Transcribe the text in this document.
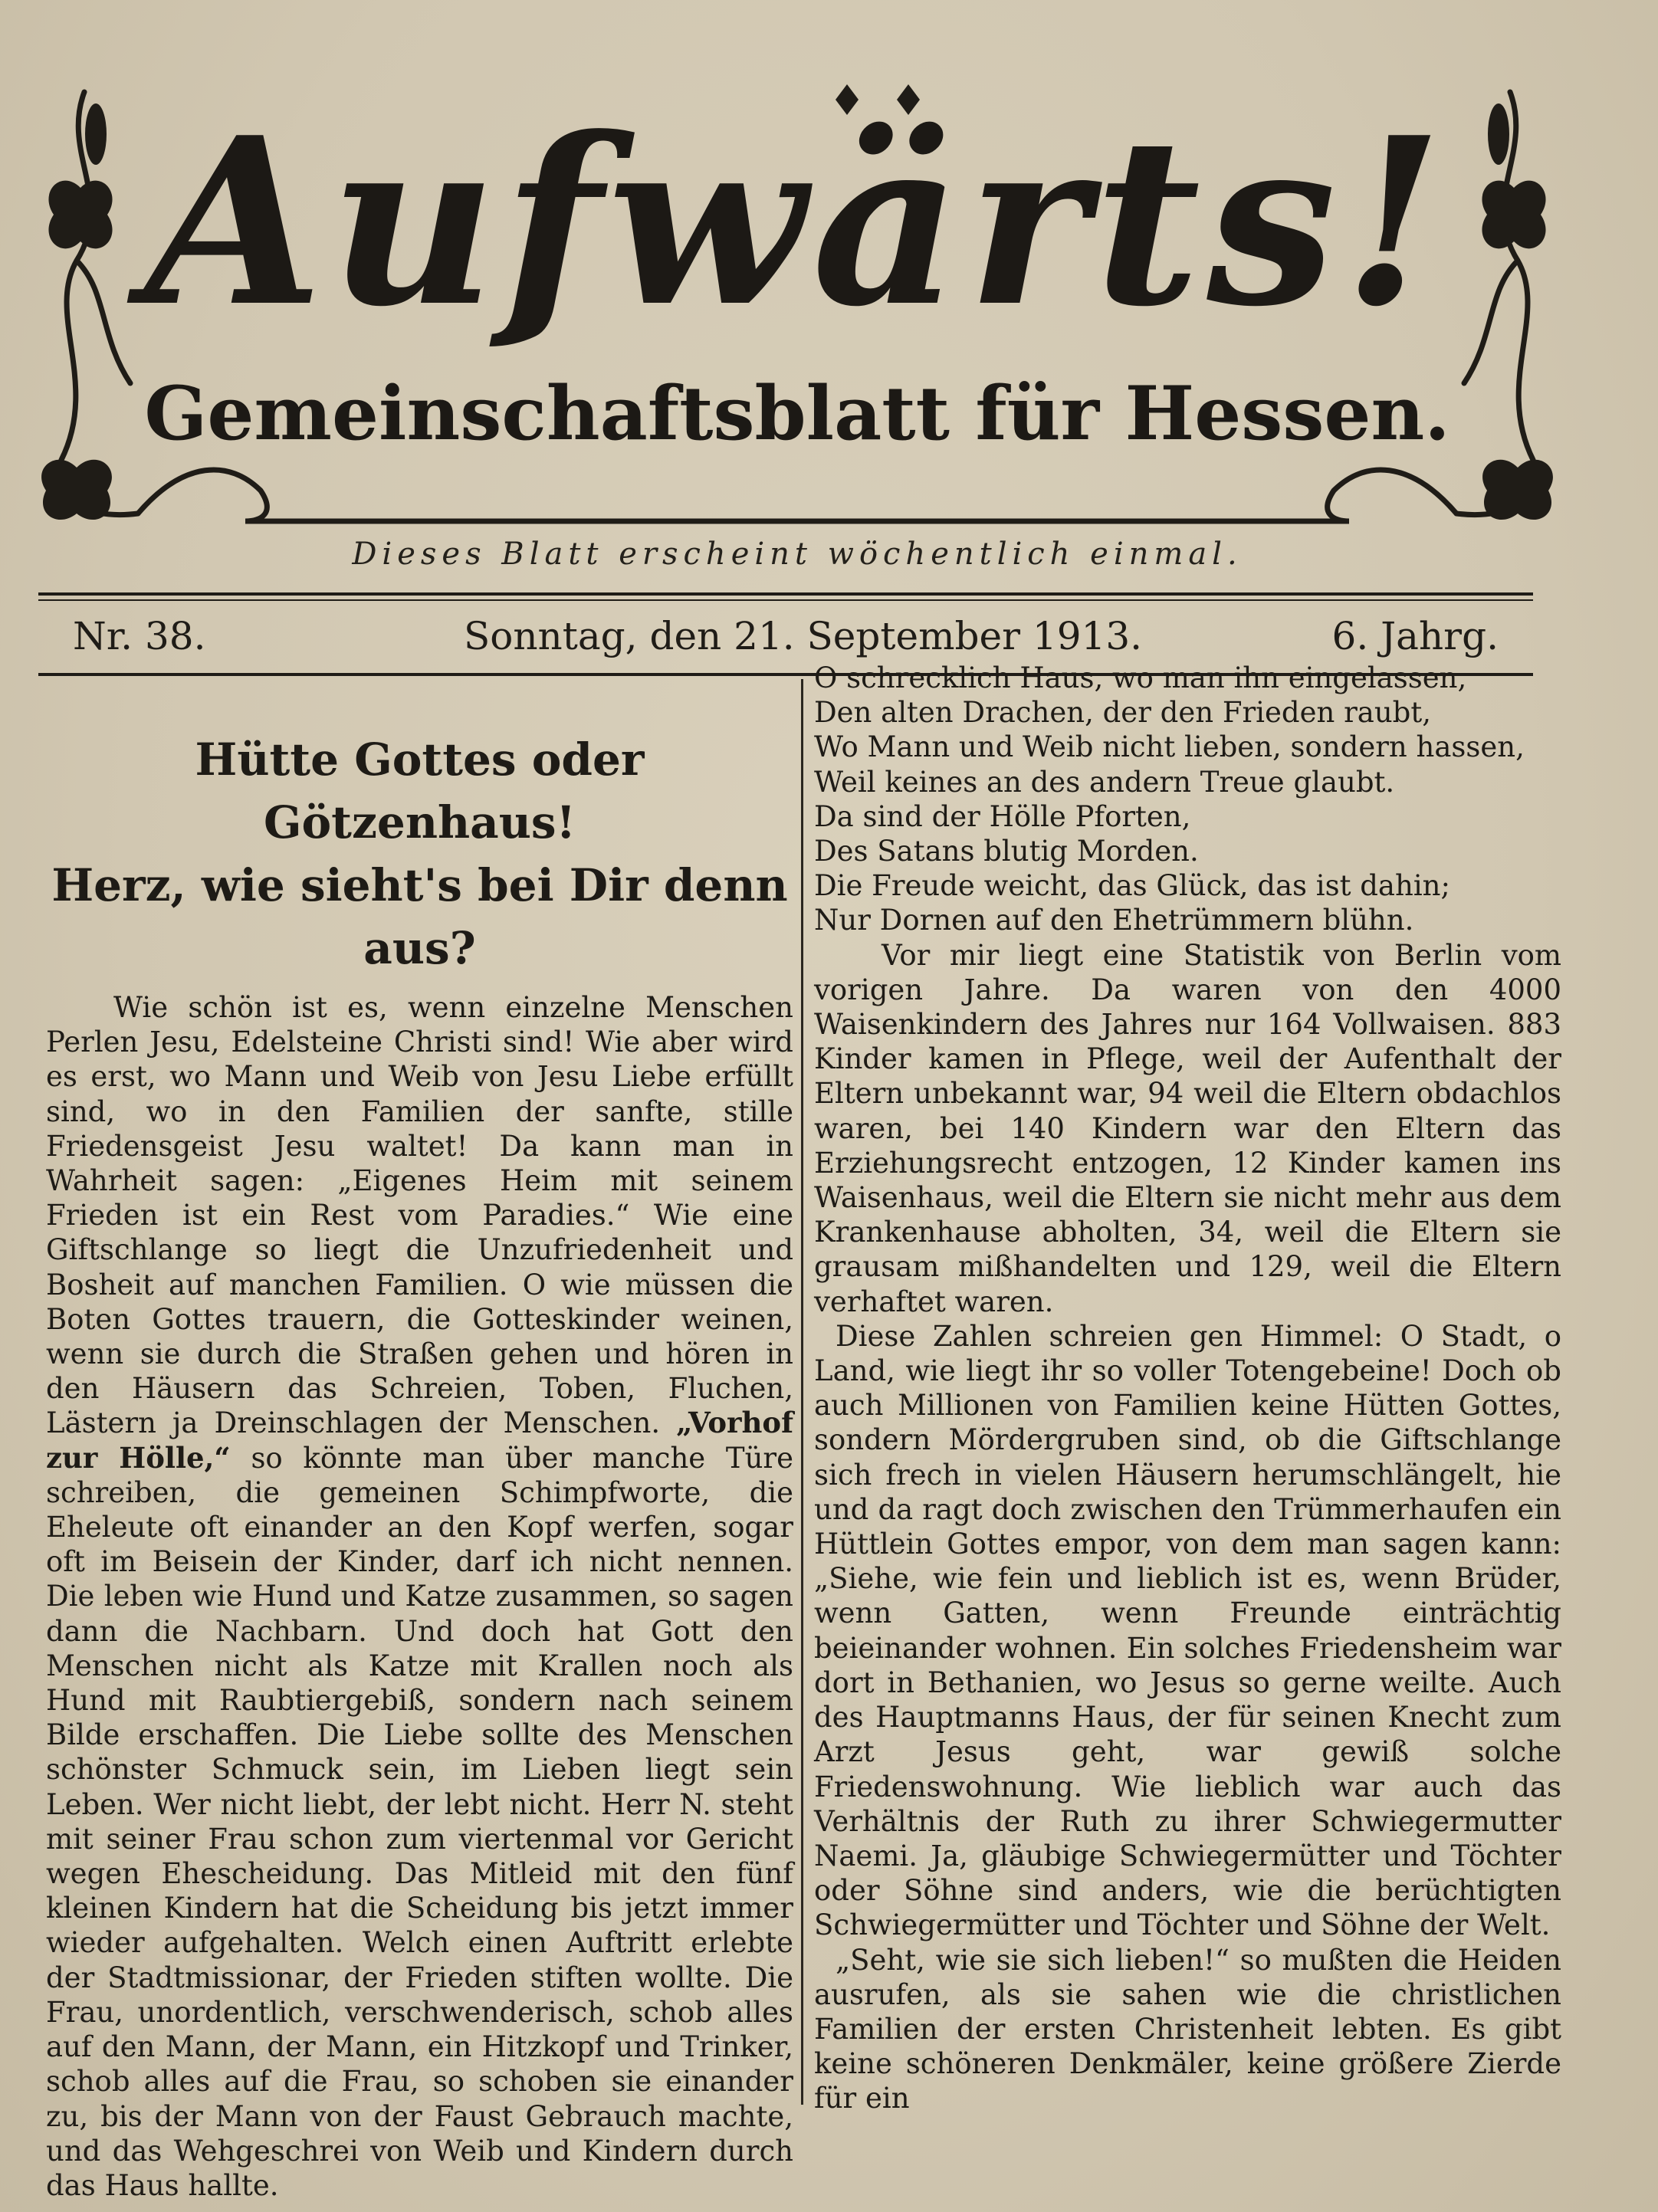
Aufwärts!
Gemeinschaftsblatt für Hessen.
Dieses Blatt erscheint wöchentlich einmal.
Nr. 38.	Sonntag, den 21. September 1913.	6. Jahrg.

Hütte Gottes oder Götzenhaus!

Herz, wie sieht's bei Dir denn aus?

Wie schön ist es, wenn einzelne Menschen Perlen Jesu, Edelsteine Christi sind! Wie aber wird es erst, wo Mann und Weib von Jesu Liebe erfüllt sind, wo in den Familien der sanfte, stille Friedensgeist Jesu waltet! Da kann man in Wahrheit sagen: „Eigenes Heim mit seinem Frieden ist ein Rest vom Paradies.“ Wie eine Giftschlange so liegt die Unzufriedenheit und Bosheit auf manchen Familien. O wie müssen die Boten Gottes trauern, die Gotteskinder weinen, wenn sie durch die Straßen gehen und hören in den Häusern das Schreien, Toben, Fluchen, Lästern ja Dreinschlagen der Menschen. „Vorhof zur Hölle,“ so könnte man über manche Türe schreiben, die gemeinen Schimpfworte, die Eheleute oft einander an den Kopf werfen, sogar oft im Beisein der Kinder, darf ich nicht nennen. Die leben wie Hund und Katze zusammen, so sagen dann die Nachbarn. Und doch hat Gott den Menschen nicht als Katze mit Krallen noch als Hund mit Raubtiergebiß, sondern nach seinem Bilde erschaffen. Die Liebe sollte des Menschen schönster Schmuck sein, im Lieben liegt sein Leben. Wer nicht liebt, der lebt nicht. Herr N. steht mit seiner Frau schon zum viertenmal vor Gericht wegen Ehescheidung. Das Mitleid mit den fünf kleinen Kindern hat die Scheidung bis jetzt immer wieder aufgehalten. Welch einen Auftritt erlebte der Stadtmissionar, der Frieden stiften wollte. Die Frau, unordentlich, verschwenderisch, schob alles auf den Mann, der Mann, ein Hitzkopf und Trinker, schob alles auf die Frau, so schoben sie einander zu, bis der Mann von der Faust Gebrauch machte, und das Wehgeschrei von Weib und Kindern durch das Haus hallte.

O schrecklich Haus, wo man ihn eingelassen,

Den alten Drachen, der den Frieden raubt,

Wo Mann und Weib nicht lieben, sondern hassen,

Weil keines an des andern Treue glaubt.

Da sind der Hölle Pforten,

Des Satans blutig Morden.

Die Freude weicht, das Glück, das ist dahin;

Nur Dornen auf den Ehetrümmern blühn.

Vor mir liegt eine Statistik von Berlin vom vorigen Jahre. Da waren von den 4000 Waisenkindern des Jahres nur 164 Vollwaisen. 883 Kinder kamen in Pflege, weil der Aufenthalt der Eltern unbekannt war, 94 weil die Eltern obdachlos waren, bei 140 Kindern war den Eltern das Erziehungsrecht entzogen, 12 Kinder kamen ins Waisenhaus, weil die Eltern sie nicht mehr aus dem Krankenhause abholten, 34, weil die Eltern sie grausam mißhandelten und 129, weil die Eltern verhaftet waren.

Diese Zahlen schreien gen Himmel: O Stadt, o Land, wie liegt ihr so voller Totengebeine! Doch ob auch Millionen von Familien keine Hütten Gottes, sondern Mördergruben sind, ob die Giftschlange sich frech in vielen Häusern herumschlängelt, hie und da ragt doch zwischen den Trümmerhaufen ein Hüttlein Gottes empor, von dem man sagen kann: „Siehe, wie fein und lieblich ist es, wenn Brüder, wenn Gatten, wenn Freunde einträchtig beieinander wohnen. Ein solches Friedensheim war dort in Bethanien, wo Jesus so gerne weilte. Auch des Hauptmanns Haus, der für seinen Knecht zum Arzt Jesus geht, war gewiß solche Friedenswohnung. Wie lieblich war auch das Verhältnis der Ruth zu ihrer Schwiegermutter Naemi. Ja, gläubige Schwiegermütter und Töchter oder Söhne sind anders, wie die berüchtigten Schwiegermütter und Töchter und Söhne der Welt.

„Seht, wie sie sich lieben!“ so mußten die Heiden ausrufen, als sie sahen wie die christlichen Familien der ersten Christenheit lebten. Es gibt keine schöneren Denkmäler, keine größere Zierde für ein
